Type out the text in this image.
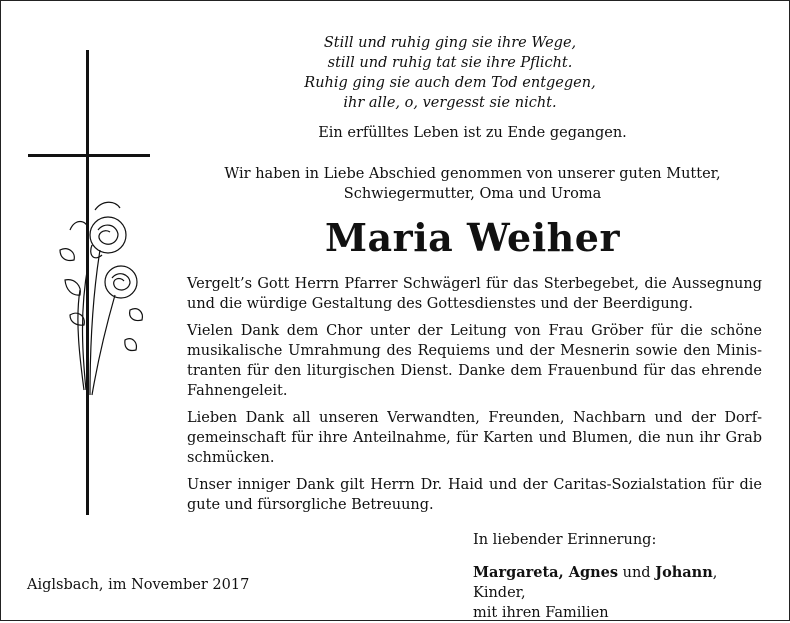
Still und ruhig ging sie ihre Wege,
still und ruhig tat sie ihre Pflicht.
Ruhig ging sie auch dem Tod entgegen,
ihr alle, o, vergesst sie nicht.
Ein erfülltes Leben ist zu Ende gegangen.
Wir haben in Liebe Abschied genommen von unserer guten Mutter,
Schwiegermutter, Oma und Uroma
Maria Weiher

Vergelt’s Gott Herrn Pfarrer Schwägerl für das Sterbegebet, die Aussegnung und die würdige Gestaltung des Gottesdienstes und der Beerdigung.

Vielen Dank dem Chor unter der Leitung von Frau Gröber für die schöne musikalische Umrahmung des Requiems und der Mesnerin sowie den Ministranten für den liturgischen Dienst. Danke dem Frauenbund für das ehrende Fahnengeleit.

Lieben Dank all unseren Verwandten, Freunden, Nachbarn und der Dorfgemeinschaft für ihre Anteilnahme, für Karten und Blumen, die nun ihr Grab schmücken.

Unser inniger Dank gilt Herrn Dr. Haid und der Caritas-Sozialstation für die gute und fürsorgliche Betreuung.

In liebender Erinnerung:
Margareta, Agnes und Johann, Kinder,
mit ihren Familien
Aiglsbach, im November 2017
